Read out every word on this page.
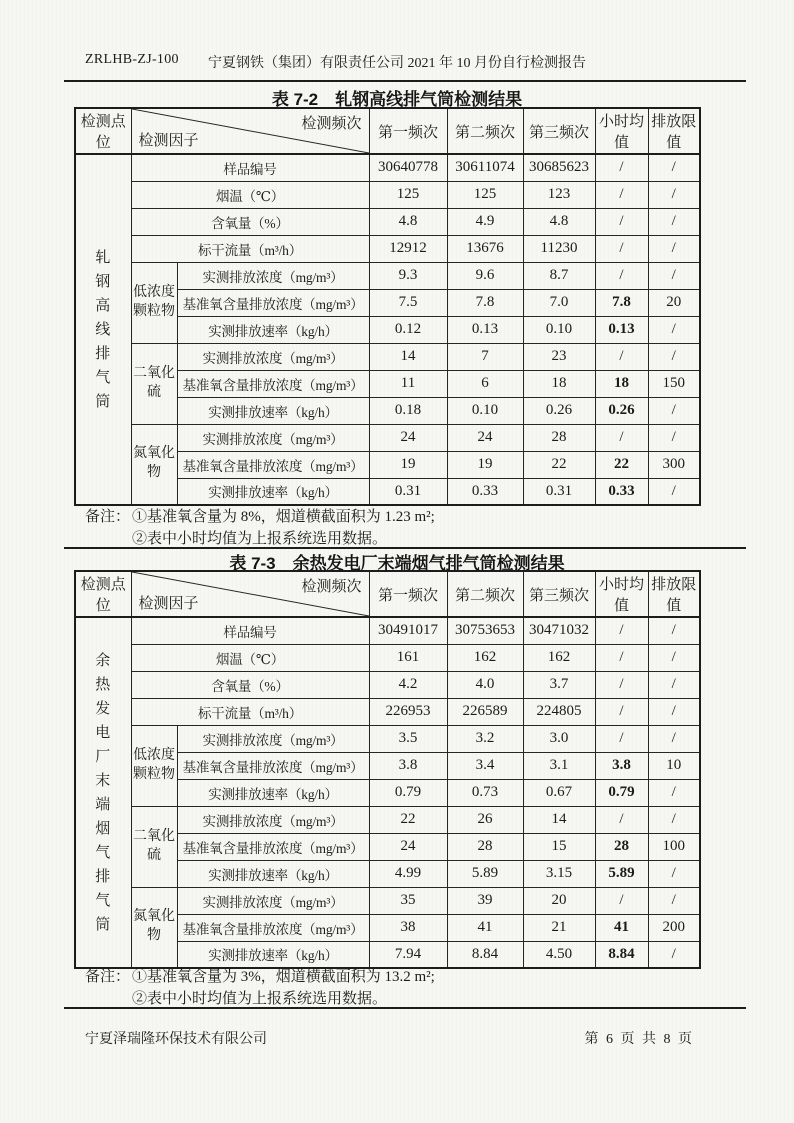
ZRLHB-ZJ-100	宁夏钢铁（集团）有限责任公司 2021 年 10 月份自行检测报告
表 7-2　轧钢高线排气筒检测结果
检测点位	检测频次
检测因子		第一频次	第二频次	第三频次	小时均值	排放限值

轧钢高线排气筒	样品编号		30640778	30611074	30685623	/	/
	烟温（℃）		125	125	123	/	/
	含氧量（%）		4.8	4.9	4.8	/	/
	标干流量（m³/h）		12912	13676	11230	/	/
	低浓度颗粒物	实测排放浓度（mg/m³）	9.3	9.6	8.7	/	/
		基准氧含量排放浓度（mg/m³）	7.5	7.8	7.0	7.8	20
		实测排放速率（kg/h）	0.12	0.13	0.10	0.13	/
	二氧化硫	实测排放浓度（mg/m³）	14	7	23	/	/
		基准氧含量排放浓度（mg/m³）	11	6	18	18	150
		实测排放速率（kg/h）	0.18	0.10	0.26	0.26	/
	氮氧化物	实测排放浓度（mg/m³）	24	24	28	/	/
		基准氧含量排放浓度（mg/m³）	19	19	22	22	300
		实测排放速率（kg/h）	0.31	0.33	0.31	0.33	/
备注： ①基准氧含量为 8%，烟道横截面积为 1.23 m²;
②表中小时均值为上报系统选用数据。
表 7-3　余热发电厂末端烟气排气筒检测结果
检测点位	检测频次
检测因子		第一频次	第二频次	第三频次	小时均值	排放限值

余热发电厂末端烟气排气筒	样品编号		30491017	30753653	30471032	/	/
	烟温（℃）		161	162	162	/	/
	含氧量（%）		4.2	4.0	3.7	/	/
	标干流量（m³/h）		226953	226589	224805	/	/
	低浓度颗粒物	实测排放浓度（mg/m³）	3.5	3.2	3.0	/	/
		基准氧含量排放浓度（mg/m³）	3.8	3.4	3.1	3.8	10
		实测排放速率（kg/h）	0.79	0.73	0.67	0.79	/
	二氧化硫	实测排放浓度（mg/m³）	22	26	14	/	/
		基准氧含量排放浓度（mg/m³）	24	28	15	28	100
		实测排放速率（kg/h）	4.99	5.89	3.15	5.89	/
	氮氧化物	实测排放浓度（mg/m³）	35	39	20	/	/
		基准氧含量排放浓度（mg/m³）	38	41	21	41	200
		实测排放速率（kg/h）	7.94	8.84	4.50	8.84	/
备注： ①基准氧含量为 3%，烟道横截面积为 13.2 m²;
②表中小时均值为上报系统选用数据。
宁夏泽瑞隆环保技术有限公司	第 6 页 共 8 页
